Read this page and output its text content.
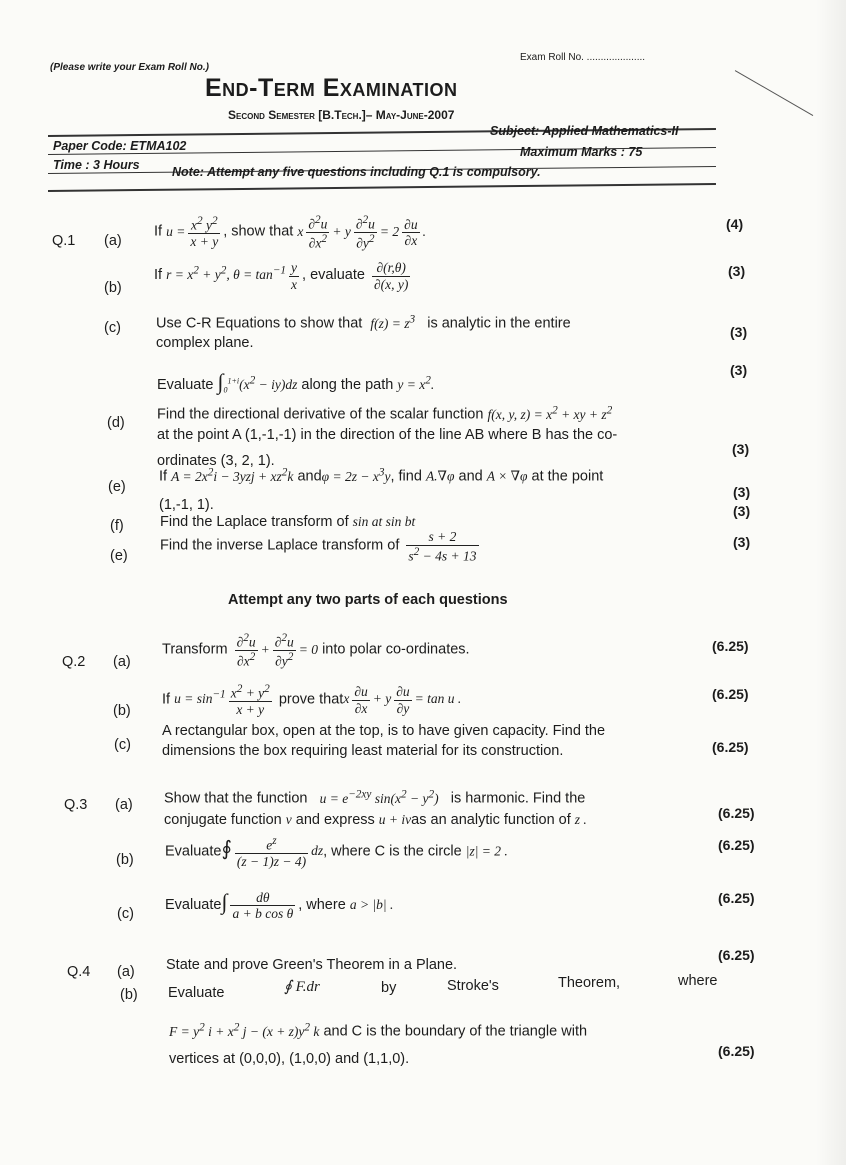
(Please write your Exam Roll No.)
Exam Roll No. .....................
End-Term Examination
Second Semester [B.Tech.]– May-June-2007
Paper Code: ETMA102
Subject: Applied Mathematics-II
Time : 3 Hours
Maximum Marks : 75
Note: Attempt any five questions including Q.1 is compulsory.
Q.1 (a)
If $u = \frac{x^2 y^2}{x + y}$ , show that x $\frac{\partial^2u}{\partial x^2} + y \frac{\partial^2u}{\partial y^2} = 2 \frac{\partial u}{\partial x}$ .	(4)
(b)
If $r = x^2 + y^2$, $\theta = \tan^{-1} \frac{y}{x}$ , evaluate $\frac{\partial(r,\theta)}{\partial(x, y)}$	(3)
(c) Use C-R Equations to show that $f(z) = z^3$ is analytic in the entire
complex plane.
(3)
Evaluate $\int_0^{1+i}(x^2 - iy)dz$ along the path $y = x^2$.
(3)
(d)
Find the directional derivative of the scalar function f(x, y, $z) = x^2$ + xy + $z^2$
at the point A (1,-1,-1) in the direction of the line AB where B has the co-
ordinates (3, 2, 1).
(3)
(e)
If $A = 2x^2i - 3yzj + xz^2k$ $and\varphi = 2z - x^3y$, find A.∇φ and A × ∇φ at the point
(1,-1, 1).
(3)
(3)
(f)	Find the Laplace transform of sin at sin bt
(e)
Find the inverse Laplace transform of $\frac{s + 2}{s^2 - 4s + 13}$	(3)
Attempt any two parts of each questions
Q.2 (a)
Transform $\frac{\partial^2u}{\partial x^2} + \frac{\partial^2u}{\partial y^2} = 0$ into polar co-ordinates.	(6.25)
(b)
If $u = \sin^{-1} \frac{x^2 + y^2}{x + y}$ prove thatx $\frac{\partial u}{\partial x} + y \frac{\partial u}{\partial y} = \tan u$ .	(6.25)
(c)
A rectangular box, open at the top, is to have given capacity. Find the
dimensions the box requiring least material for its construction.	(6.25)
Q.3 (a) Show that the function $u = e^{-2xy}$ $\sin(x^2 - y^2)$ is harmonic. Find the
conjugate function v and express u + ivas an analytic function of z .	(6.25)
(b)
Evaluate∮ $\frac{e^z}{(z - 1)z - 4)}$ dz, where C is the circle |z| = 2 .	(6.25)
(c)
Evaluate∫ $\frac{d\theta}{\text{a + b cos θ}}$ , where a > |b| .	(6.25)
Q.4 (a) State and prove Green's Theorem in a Plane.
(6.25)
(b) Evaluate	∮ F.dr	by	Stroke's	Theorem,	where
$F = y^2$ $i + x^2$ $j - (x + z)y^2$ k and C is the boundary of the triangle with
vertices at (0,0,0), (1,0,0) and (1,1,0).	(6.25)
